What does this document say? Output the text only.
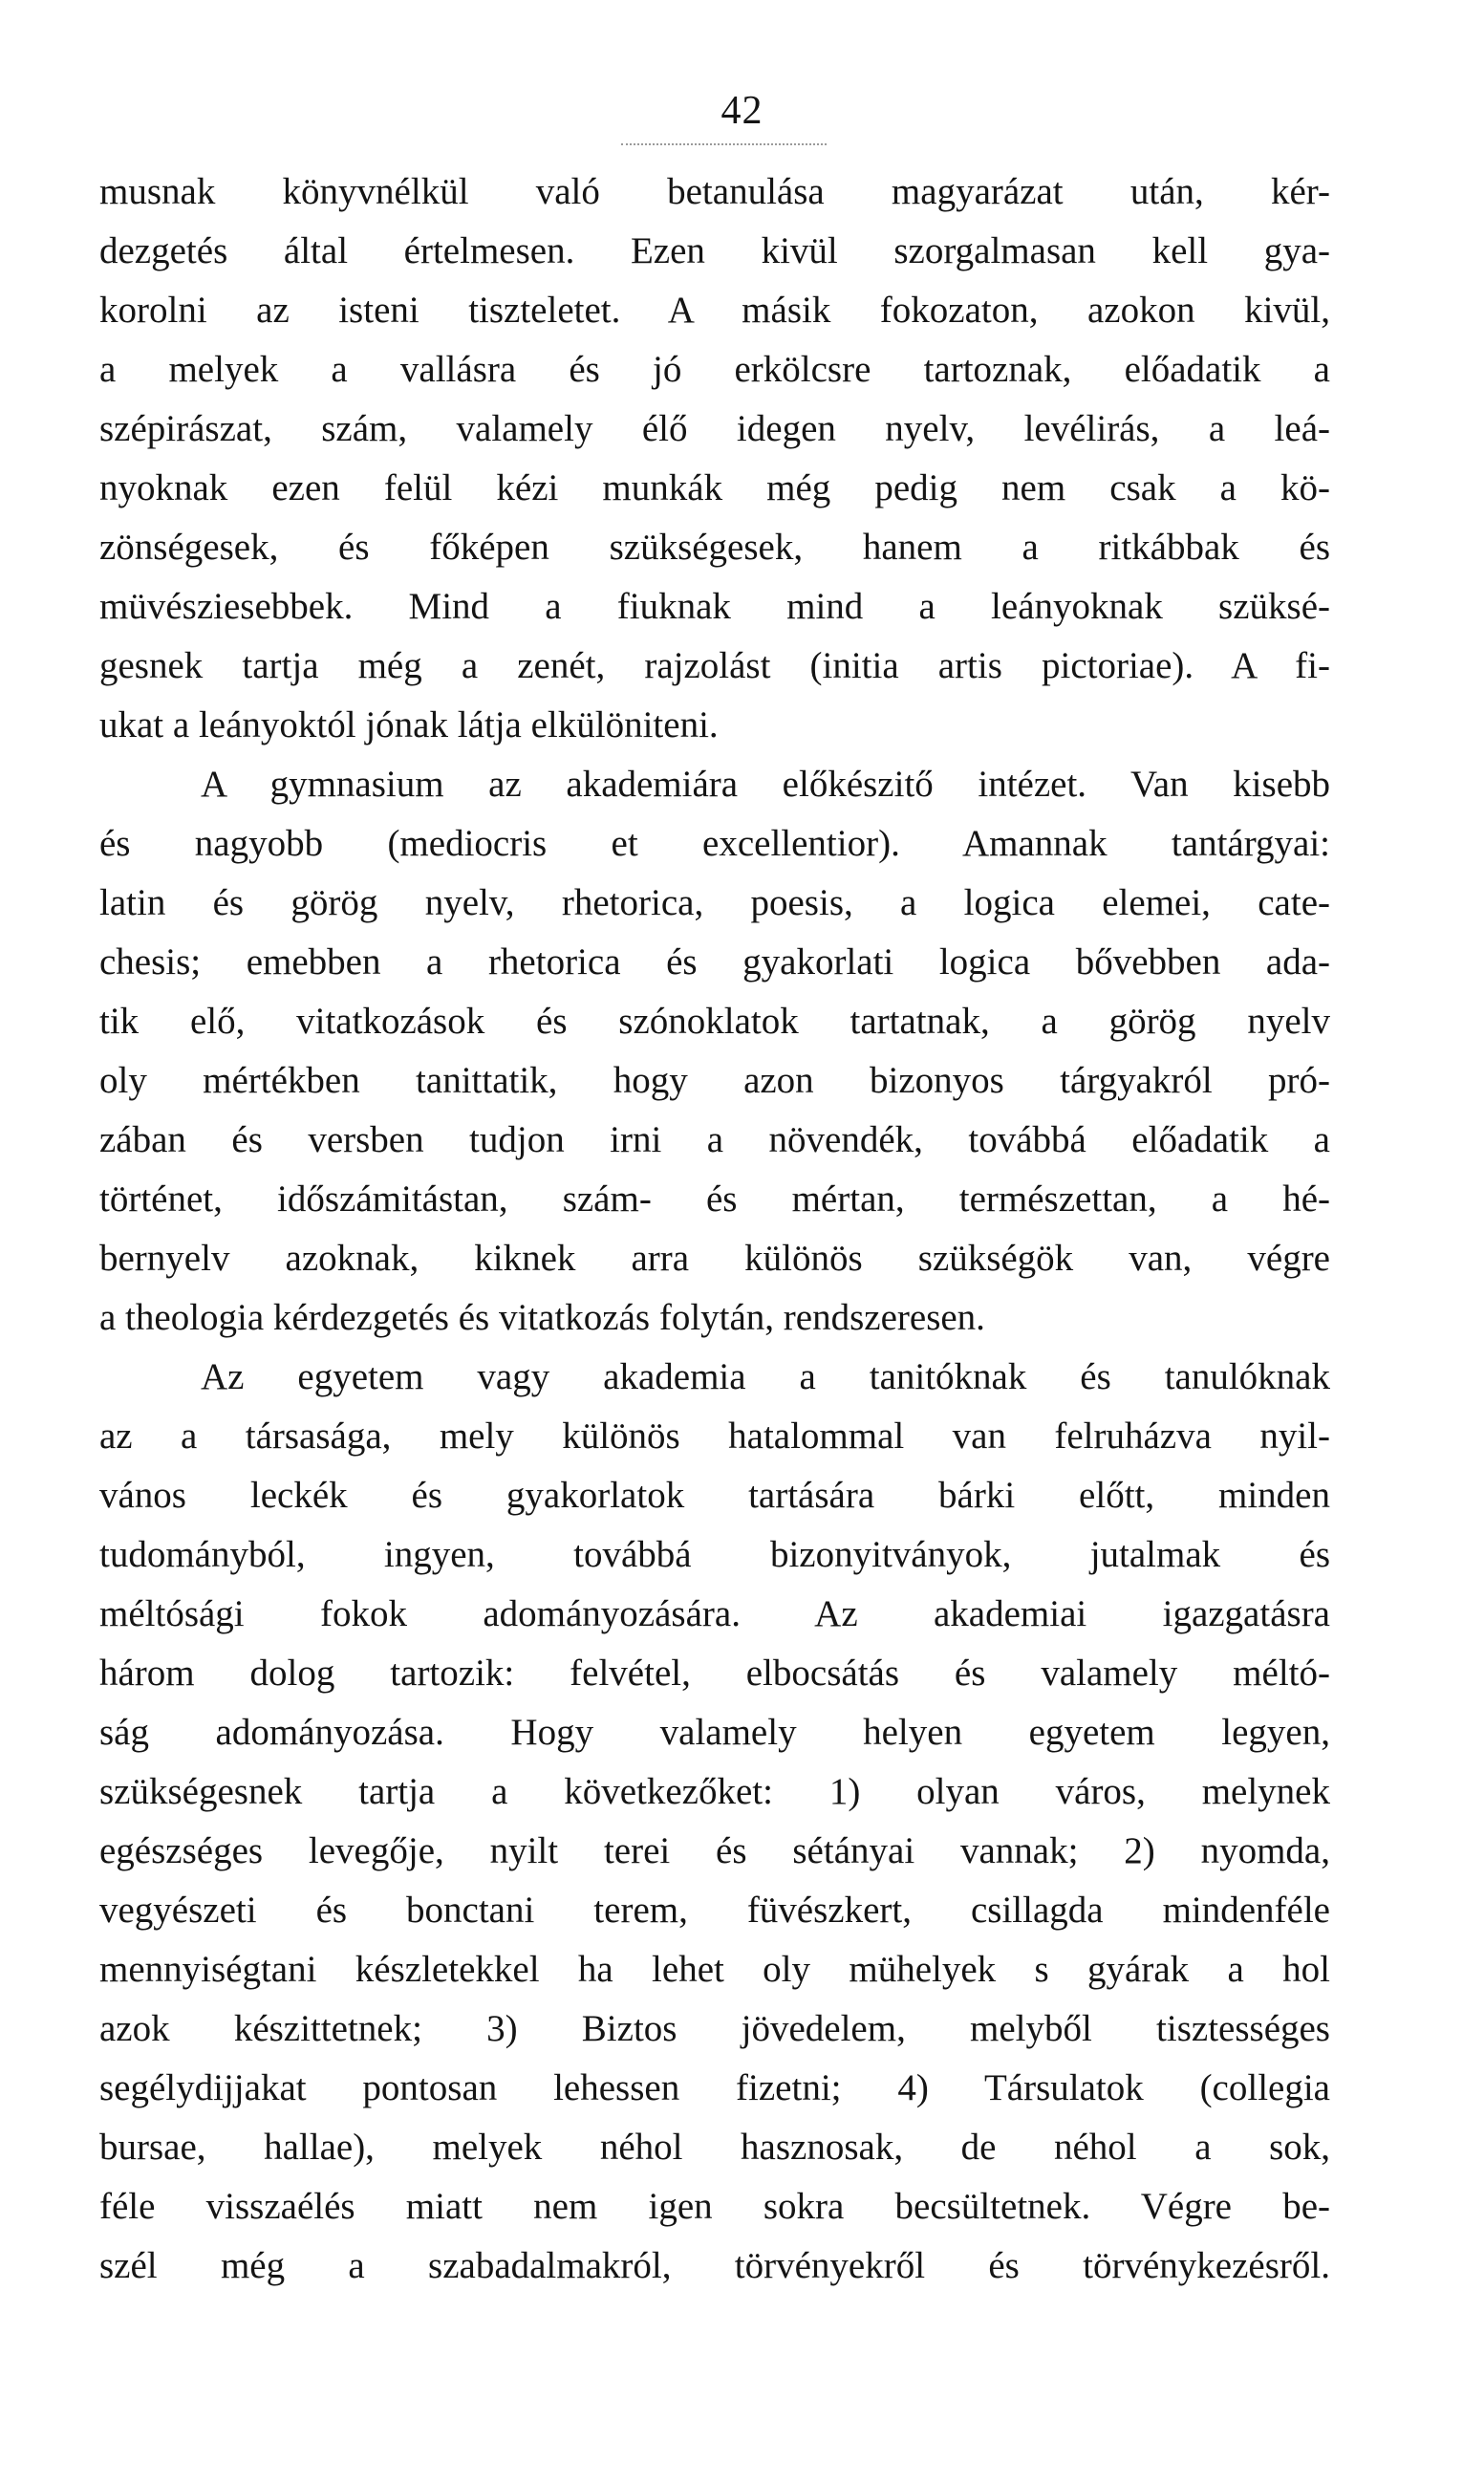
42
musnak könyvnélkül való betanulása magyarázat után, kér-
dezgetés által értelmesen. Ezen kivül szorgalmasan kell gya-
korolni az isteni tiszteletet. A másik fokozaton, azokon kivül,
a melyek a vallásra és jó erkölcsre tartoznak, előadatik a
szépirászat, szám, valamely élő idegen nyelv, levélirás, a leá-
nyoknak ezen felül kézi munkák még pedig nem csak a kö-
zönségesek, és főképen szükségesek, hanem a ritkábbak és
müvésziesebbek. Mind a fiuknak mind a leányoknak szüksé-
gesnek tartja még a zenét, rajzolást (initia artis pictoriae). A fi-
ukat a leányoktól jónak látja elkülöniteni.
A gymnasium az akademiára előkészitő intézet. Van kisebb
és nagyobb (mediocris et excellentior). Amannak tantárgyai:
latin és görög nyelv, rhetorica, poesis, a logica elemei, cate-
chesis; emebben a rhetorica és gyakorlati logica bővebben ada-
tik elő, vitatkozások és szónoklatok tartatnak, a görög nyelv
oly mértékben tanittatik, hogy azon bizonyos tárgyakról pró-
zában és versben tudjon irni a növendék, továbbá előadatik a
történet, időszámitástan, szám- és mértan, természettan, a hé-
bernyelv azoknak, kiknek arra különös szükségök van, végre
a theologia kérdezgetés és vitatkozás folytán, rendszeresen.
Az egyetem vagy akademia a tanitóknak és tanulóknak
az a társasága, mely különös hatalommal van felruházva nyil-
vános leckék és gyakorlatok tartására bárki előtt, minden
tudományból, ingyen, továbbá bizonyitványok, jutalmak és
méltósági fokok adományozására. Az akademiai igazgatásra
három dolog tartozik: felvétel, elbocsátás és valamely méltó-
ság adományozása. Hogy valamely helyen egyetem legyen,
szükségesnek tartja a következőket: 1) olyan város, melynek
egészséges levegője, nyilt terei és sétányai vannak; 2) nyomda,
vegyészeti és bonctani terem, füvészkert, csillagda mindenféle
mennyiségtani készletekkel ha lehet oly mühelyek s gyárak a hol
azok készittetnek; 3) Biztos jövedelem, melyből tisztességes
segélydijjakat pontosan lehessen fizetni; 4) Társulatok (collegia
bursae, hallae), melyek néhol hasznosak, de néhol a sok,
féle visszaélés miatt nem igen sokra becsültetnek. Végre be-
szél még a szabadalmakról, törvényekről és törvénykezésről.
